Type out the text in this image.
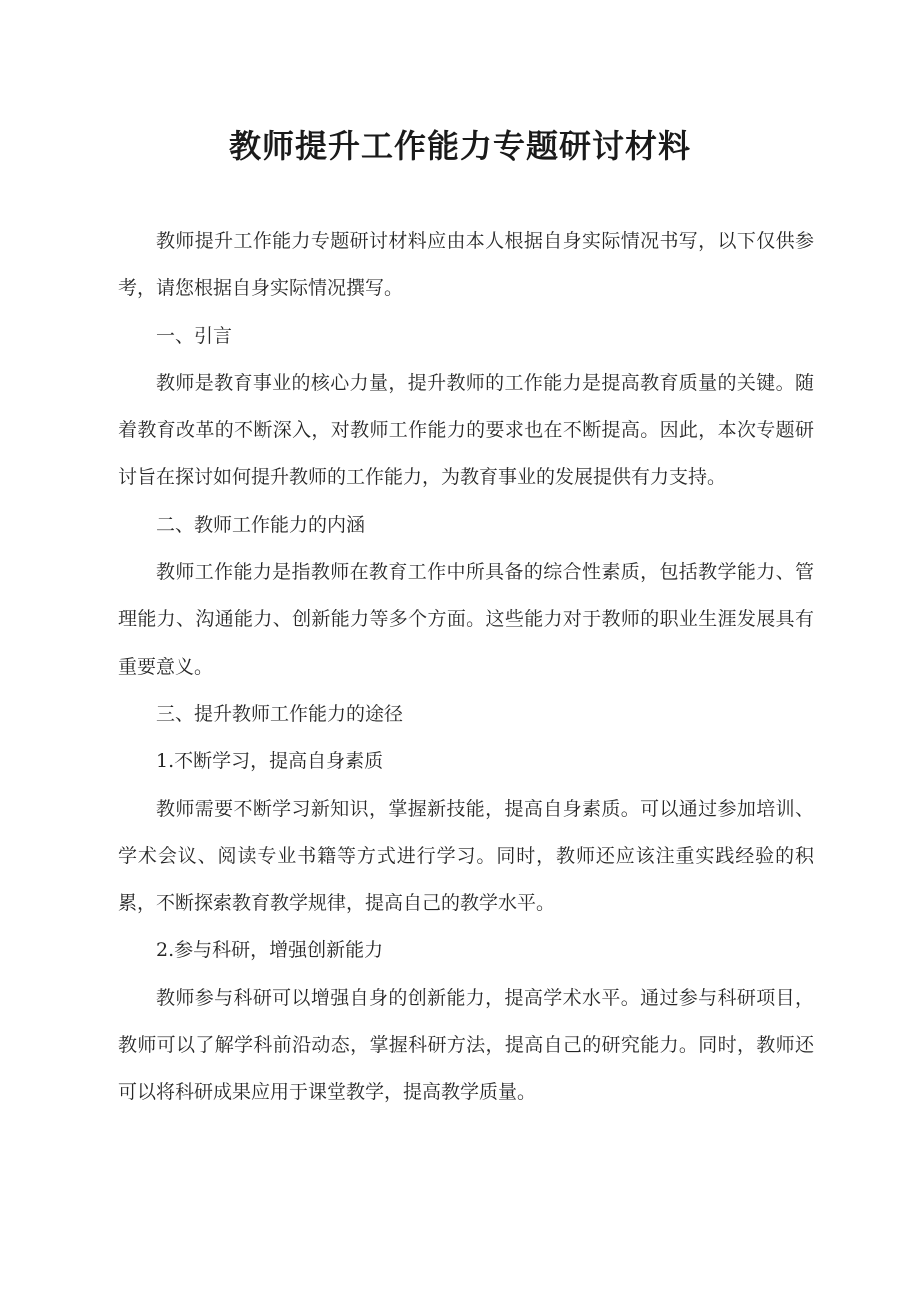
教师提升工作能力专题研讨材料

教师提升工作能力专题研讨材料应由本人根据自身实际情况书写，以下仅供参考，请您根据自身实际情况撰写。

一、引言

教师是教育事业的核心力量，提升教师的工作能力是提高教育质量的关键。随着教育改革的不断深入，对教师工作能力的要求也在不断提高。因此，本次专题研讨旨在探讨如何提升教师的工作能力，为教育事业的发展提供有力支持。

二、教师工作能力的内涵

教师工作能力是指教师在教育工作中所具备的综合性素质，包括教学能力、管理能力、沟通能力、创新能力等多个方面。这些能力对于教师的职业生涯发展具有重要意义。

三、提升教师工作能力的途径

1.不断学习，提高自身素质

教师需要不断学习新知识，掌握新技能，提高自身素质。可以通过参加培训、学术会议、阅读专业书籍等方式进行学习。同时，教师还应该注重实践经验的积累，不断探索教育教学规律，提高自己的教学水平。

2.参与科研，增强创新能力

教师参与科研可以增强自身的创新能力，提高学术水平。通过参与科研项目，教师可以了解学科前沿动态，掌握科研方法，提高自己的研究能力。同时，教师还可以将科研成果应用于课堂教学，提高教学质量。
